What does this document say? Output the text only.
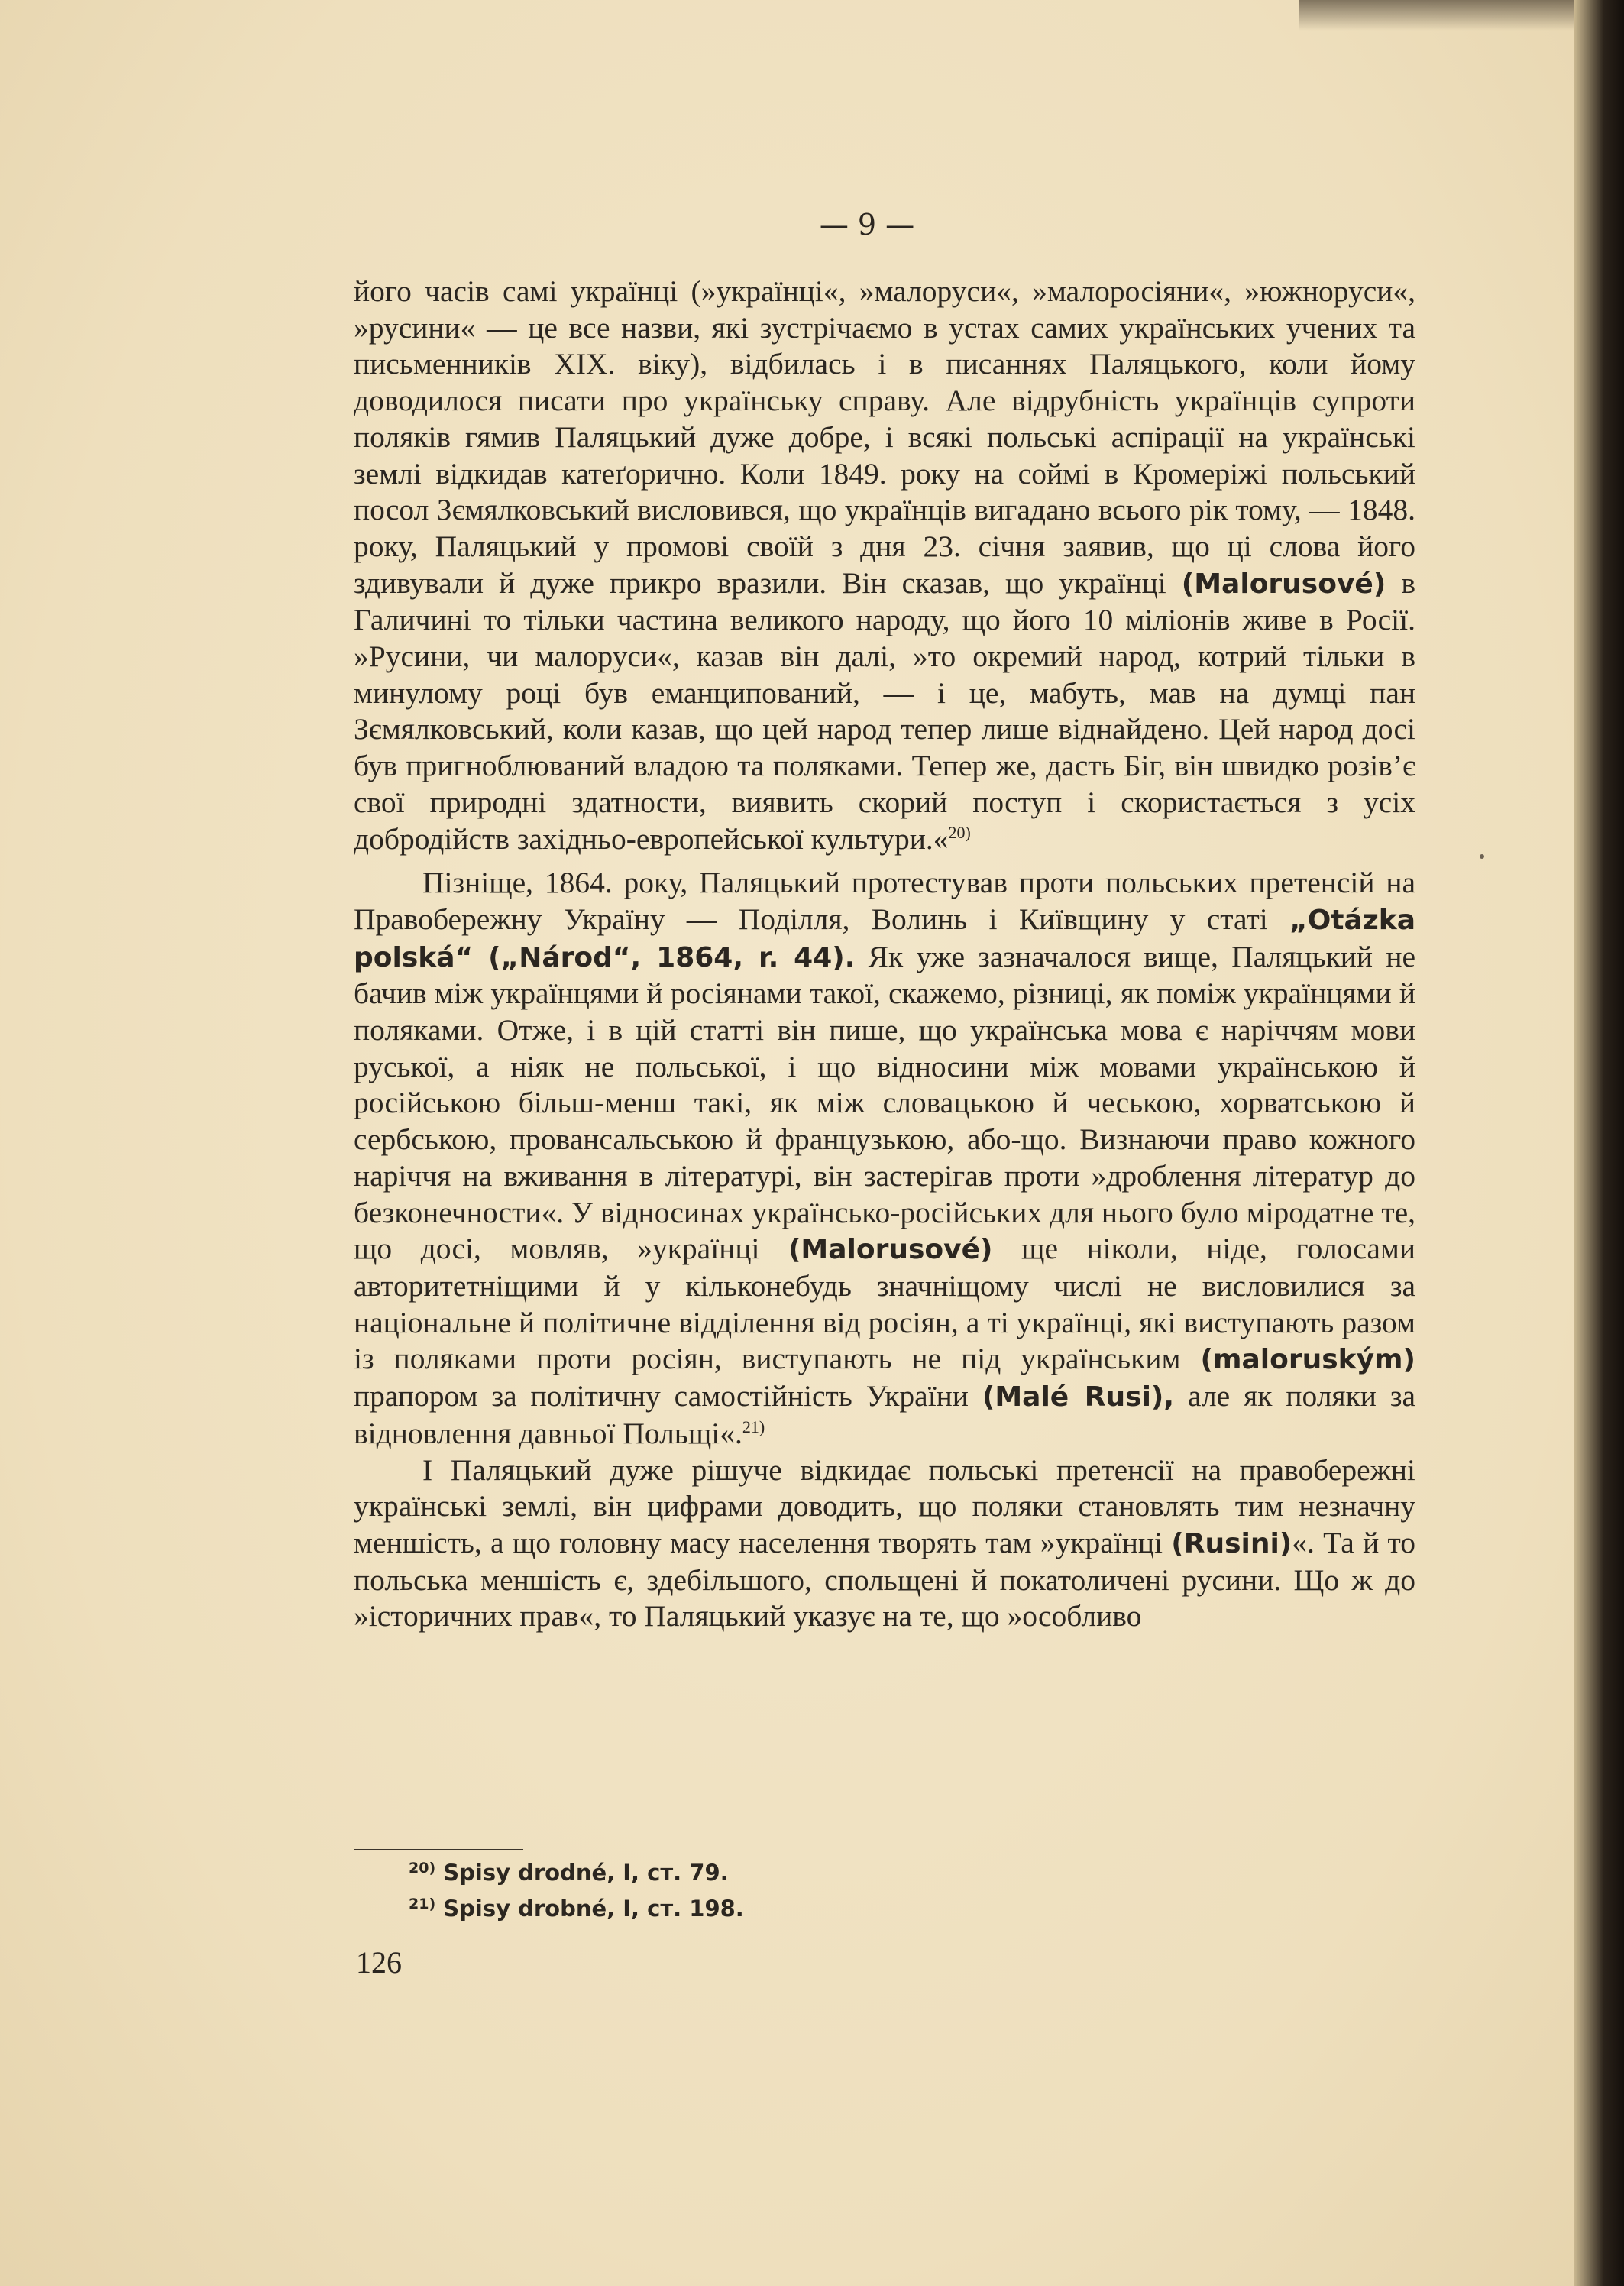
— 9 —

його часів самі українці (»українці«, »малоруси«, »малоросіяни«, »южноруси«, »русини« — це все назви, які зустрічаємо в устах самих українських учених та письменників XIX. віку), відбилась і в писаннях Паляцького, коли йому доводилося писати про українську справу. Але відрубність українців супроти поляків гямив Паляцький дуже добре, і всякі польські аспірації на українські землі відкидав катеґорично. Коли 1849. року на соймі в Кромеріжі польський посол Зємялковський висловився, що українців вигадано всього рік тому, — 1848. року, Паляцький у промові своїй з дня 23. січня заявив, що ці слова його здивували й дуже прикро вразили. Він сказав, що українці (Malorusové) в Галичині то тільки частина великого народу, що його 10 міліонів живе в Росії. »Русини, чи малоруси«, казав він далі, »то окремий народ, котрий тільки в минулому році був еманципований, — і це, мабуть, мав на думці пан Зємялковський, коли казав, що цей народ тепер лише віднайдено. Цей народ досі був пригноблюваний владою та поляками. Тепер же, дасть Біг, він швидко розів’є свої природні здатности, виявить скорий поступ і скористається з усіх добродійств західньо-европейської культури.«$^{20)}$

Пізніще, 1864. року, Паляцький протестував проти польських претенсій на Правобережну Україну — Поділля, Волинь і Київщину у статі „Otázka polská“ („Národ“, 1864, r. 44). Як уже зазначалося вище, Паляцький не бачив між українцями й росіянами такої, скажемо, різниці, як поміж українцями й поляками. Отже, і в цій статті він пише, що українська мова є наріччям мови руської, а ніяк не польської, і що відносини між мовами українською й російською більш-менш такі, як між словацькою й чеською, хорватською й сербською, провансальською й французькою, або-що. Визнаючи право кожного наріччя на вживання в літературі, він застерігав проти »дроблення літератур до безконечности«. У відносинах українсько-російських для нього було міродатне те, що досі, мовляв, »українці (Malorusové) ще ніколи, ніде, голосами авторитетніщими й у кільконебудь значніщому числі не висловилися за національне й політичне відділення від росіян, а ті українці, які виступають разом із поляками проти росіян, виступають не під українським (maloruským) прапором за політичну самостійність України (Malé Rusi), але як поляки за відновлення давньої Польщі«.$^{21)}$

І Паляцький дуже рішуче відкидає польські претенсії на правобережні українські землі, він цифрами доводить, що поляки становлять тим незначну меншість, а що головну масу населення творять там »українці (Rusini)«. Та й то польська меншість є, здебільшого, спольщені й покатоличені русини. Що ж до »історичних прав«, то Паляцький указує на те, що »особливо

$^{20)}$ Spisy drodné, I, ст. 79.
$^{21)}$ Spisy drobné, I, ст. 198.
126
